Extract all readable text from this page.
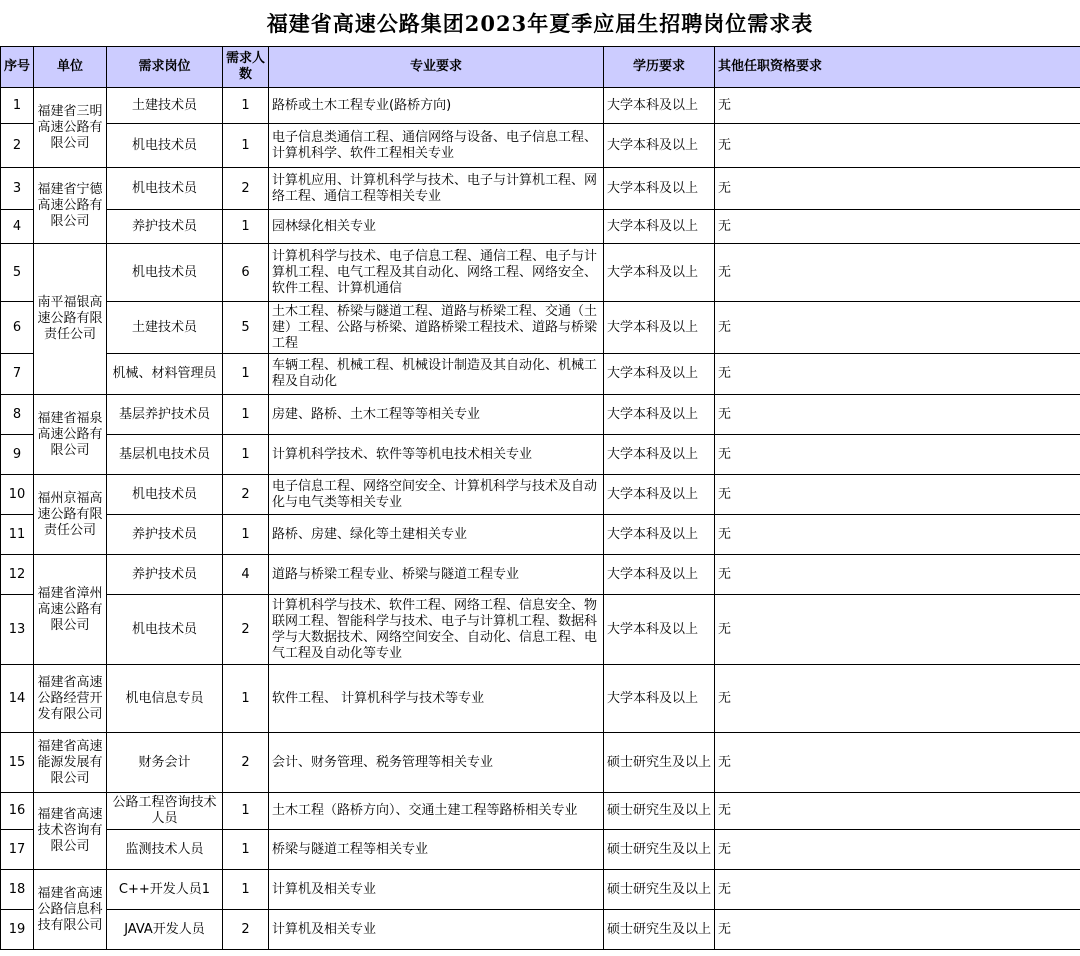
福建省高速公路集团2023年夏季应届生招聘岗位需求表
序号	单位	需求岗位	需求人数	专业要求	学历要求	其他任职资格要求
1	福建省三明高速公路有限公司	土建技术员	1	路桥或土木工程专业(路桥方向)	大学本科及以上	无
2		机电技术员	1	电子信息类通信工程、通信网络与设备、电子信息工程、计算机科学、软件工程相关专业	大学本科及以上	无
3	福建省宁德高速公路有限公司	机电技术员	2	计算机应用、计算机科学与技术、电子与计算机工程、网络工程、通信工程等相关专业	大学本科及以上	无
4		养护技术员	1	园林绿化相关专业	大学本科及以上	无
5	南平福银高速公路有限责任公司	机电技术员	6	计算机科学与技术、电子信息工程、通信工程、电子与计算机工程、电气工程及其自动化、网络工程、网络安全、软件工程、计算机通信	大学本科及以上	无
6		土建技术员	5	土木工程、桥梁与隧道工程、道路与桥梁工程、交通（土建）工程、公路与桥梁、道路桥梁工程技术、道路与桥梁工程	大学本科及以上	无
7		机械、材料管理员	1	车辆工程、机械工程、机械设计制造及其自动化、机械工程及自动化	大学本科及以上	无
8	福建省福泉高速公路有限公司	基层养护技术员	1	房建、路桥、土木工程等等相关专业	大学本科及以上	无
9		基层机电技术员	1	计算机科学技术、软件等等机电技术相关专业	大学本科及以上	无
10	福州京福高速公路有限责任公司	机电技术员	2	电子信息工程、网络空间安全、计算机科学与技术及自动化与电气类等相关专业	大学本科及以上	无
11		养护技术员	1	路桥、房建、绿化等土建相关专业	大学本科及以上	无
12	福建省漳州高速公路有限公司	养护技术员	4	道路与桥梁工程专业、桥梁与隧道工程专业	大学本科及以上	无
13		机电技术员	2	计算机科学与技术、软件工程、网络工程、信息安全、物联网工程、智能科学与技术、电子与计算机工程、数据科学与大数据技术、网络空间安全、自动化、信息工程、电气工程及自动化等专业	大学本科及以上	无
14	福建省高速公路经营开发有限公司	机电信息专员	1	软件工程、 计算机科学与技术等专业	大学本科及以上	无
15	福建省高速能源发展有限公司	财务会计	2	会计、财务管理、税务管理等相关专业	硕士研究生及以上	无
16	福建省高速技术咨询有限公司	公路工程咨询技术人员	1	土木工程（路桥方向）、交通土建工程等路桥相关专业	硕士研究生及以上	无
17		监测技术人员	1	桥梁与隧道工程等相关专业	硕士研究生及以上	无
18	福建省高速公路信息科技有限公司	C++开发人员1	1	计算机及相关专业	硕士研究生及以上	无
19		JAVA开发人员	2	计算机及相关专业	硕士研究生及以上	无
